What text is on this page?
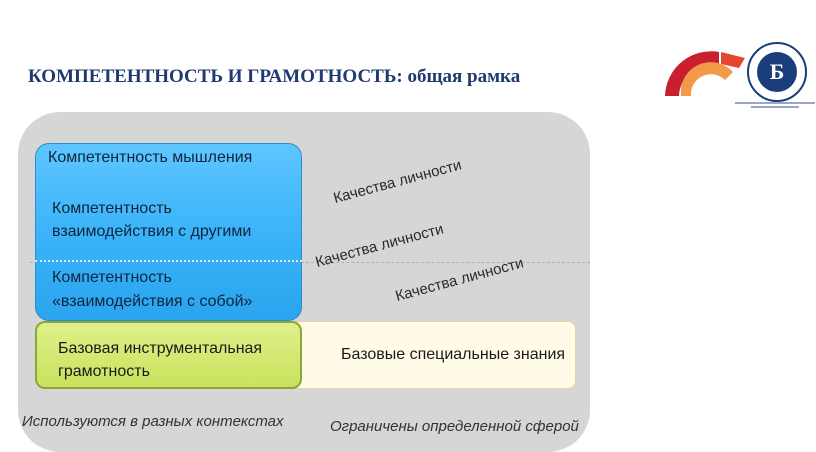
КОМПЕТЕНТНОСТЬ И ГРАМОТНОСТЬ: общая рамка	Б
Компетентность мышления
Компетентность
взаимодействия с другими
Компетентность
«взаимодействия с собой»
Базовая инструментальная
грамотность
Базовые специальные знания
Качества личности
Качества личности
Качества личности
Используются в разных контекстах	Ограничены определенной сферой
